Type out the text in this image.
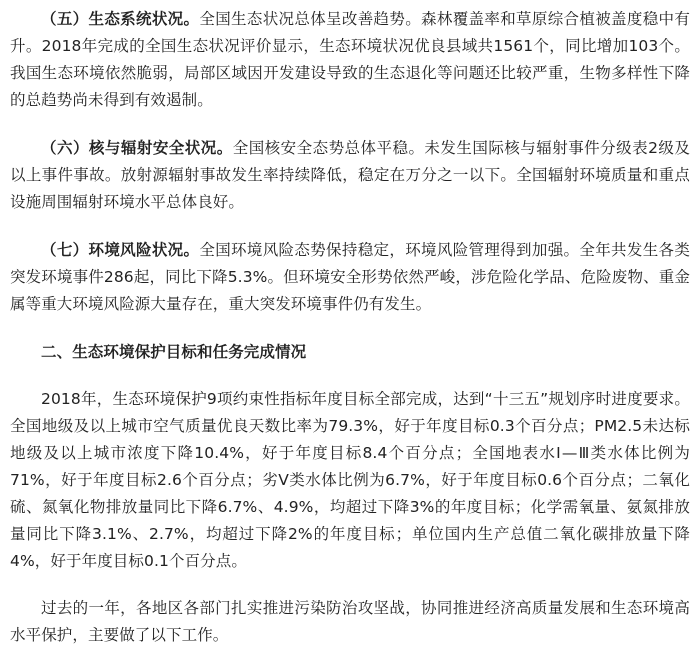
（五）生态系统状况。全国生态状况总体呈改善趋势。森林覆盖率和草原综合植被盖度稳中有升。2018年完成的全国生态状况评价显示，生态环境状况优良县域共1561个，同比增加103个。我国生态环境依然脆弱，局部区域因开发建设导致的生态退化等问题还比较严重，生物多样性下降的总趋势尚未得到有效遏制。

（六）核与辐射安全状况。全国核安全态势总体平稳。未发生国际核与辐射事件分级表2级及以上事件事故。放射源辐射事故发生率持续降低，稳定在万分之一以下。全国辐射环境质量和重点设施周围辐射环境水平总体良好。

（七）环境风险状况。全国环境风险态势保持稳定，环境风险管理得到加强。全年共发生各类突发环境事件286起，同比下降5.3%。但环境安全形势依然严峻，涉危险化学品、危险废物、重金属等重大环境风险源大量存在，重大突发环境事件仍有发生。

二、生态环境保护目标和任务完成情况

2018年，生态环境保护9项约束性指标年度目标全部完成，达到“十三五”规划序时进度要求。全国地级及以上城市空气质量优良天数比率为79.3%，好于年度目标0.3个百分点；PM2.5未达标地级及以上城市浓度下降10.4%，好于年度目标8.4个百分点；全国地表水Ⅰ—Ⅲ类水体比例为71%，好于年度目标2.6个百分点；劣Ⅴ类水体比例为6.7%，好于年度目标0.6个百分点；二氧化硫、氮氧化物排放量同比下降6.7%、4.9%，均超过下降3%的年度目标；化学需氧量、氨氮排放量同比下降3.1%、2.7%，均超过下降2%的年度目标；单位国内生产总值二氧化碳排放量下降4%，好于年度目标0.1个百分点。

过去的一年，各地区各部门扎实推进污染防治攻坚战，协同推进经济高质量发展和生态环境高水平保护，主要做了以下工作。
